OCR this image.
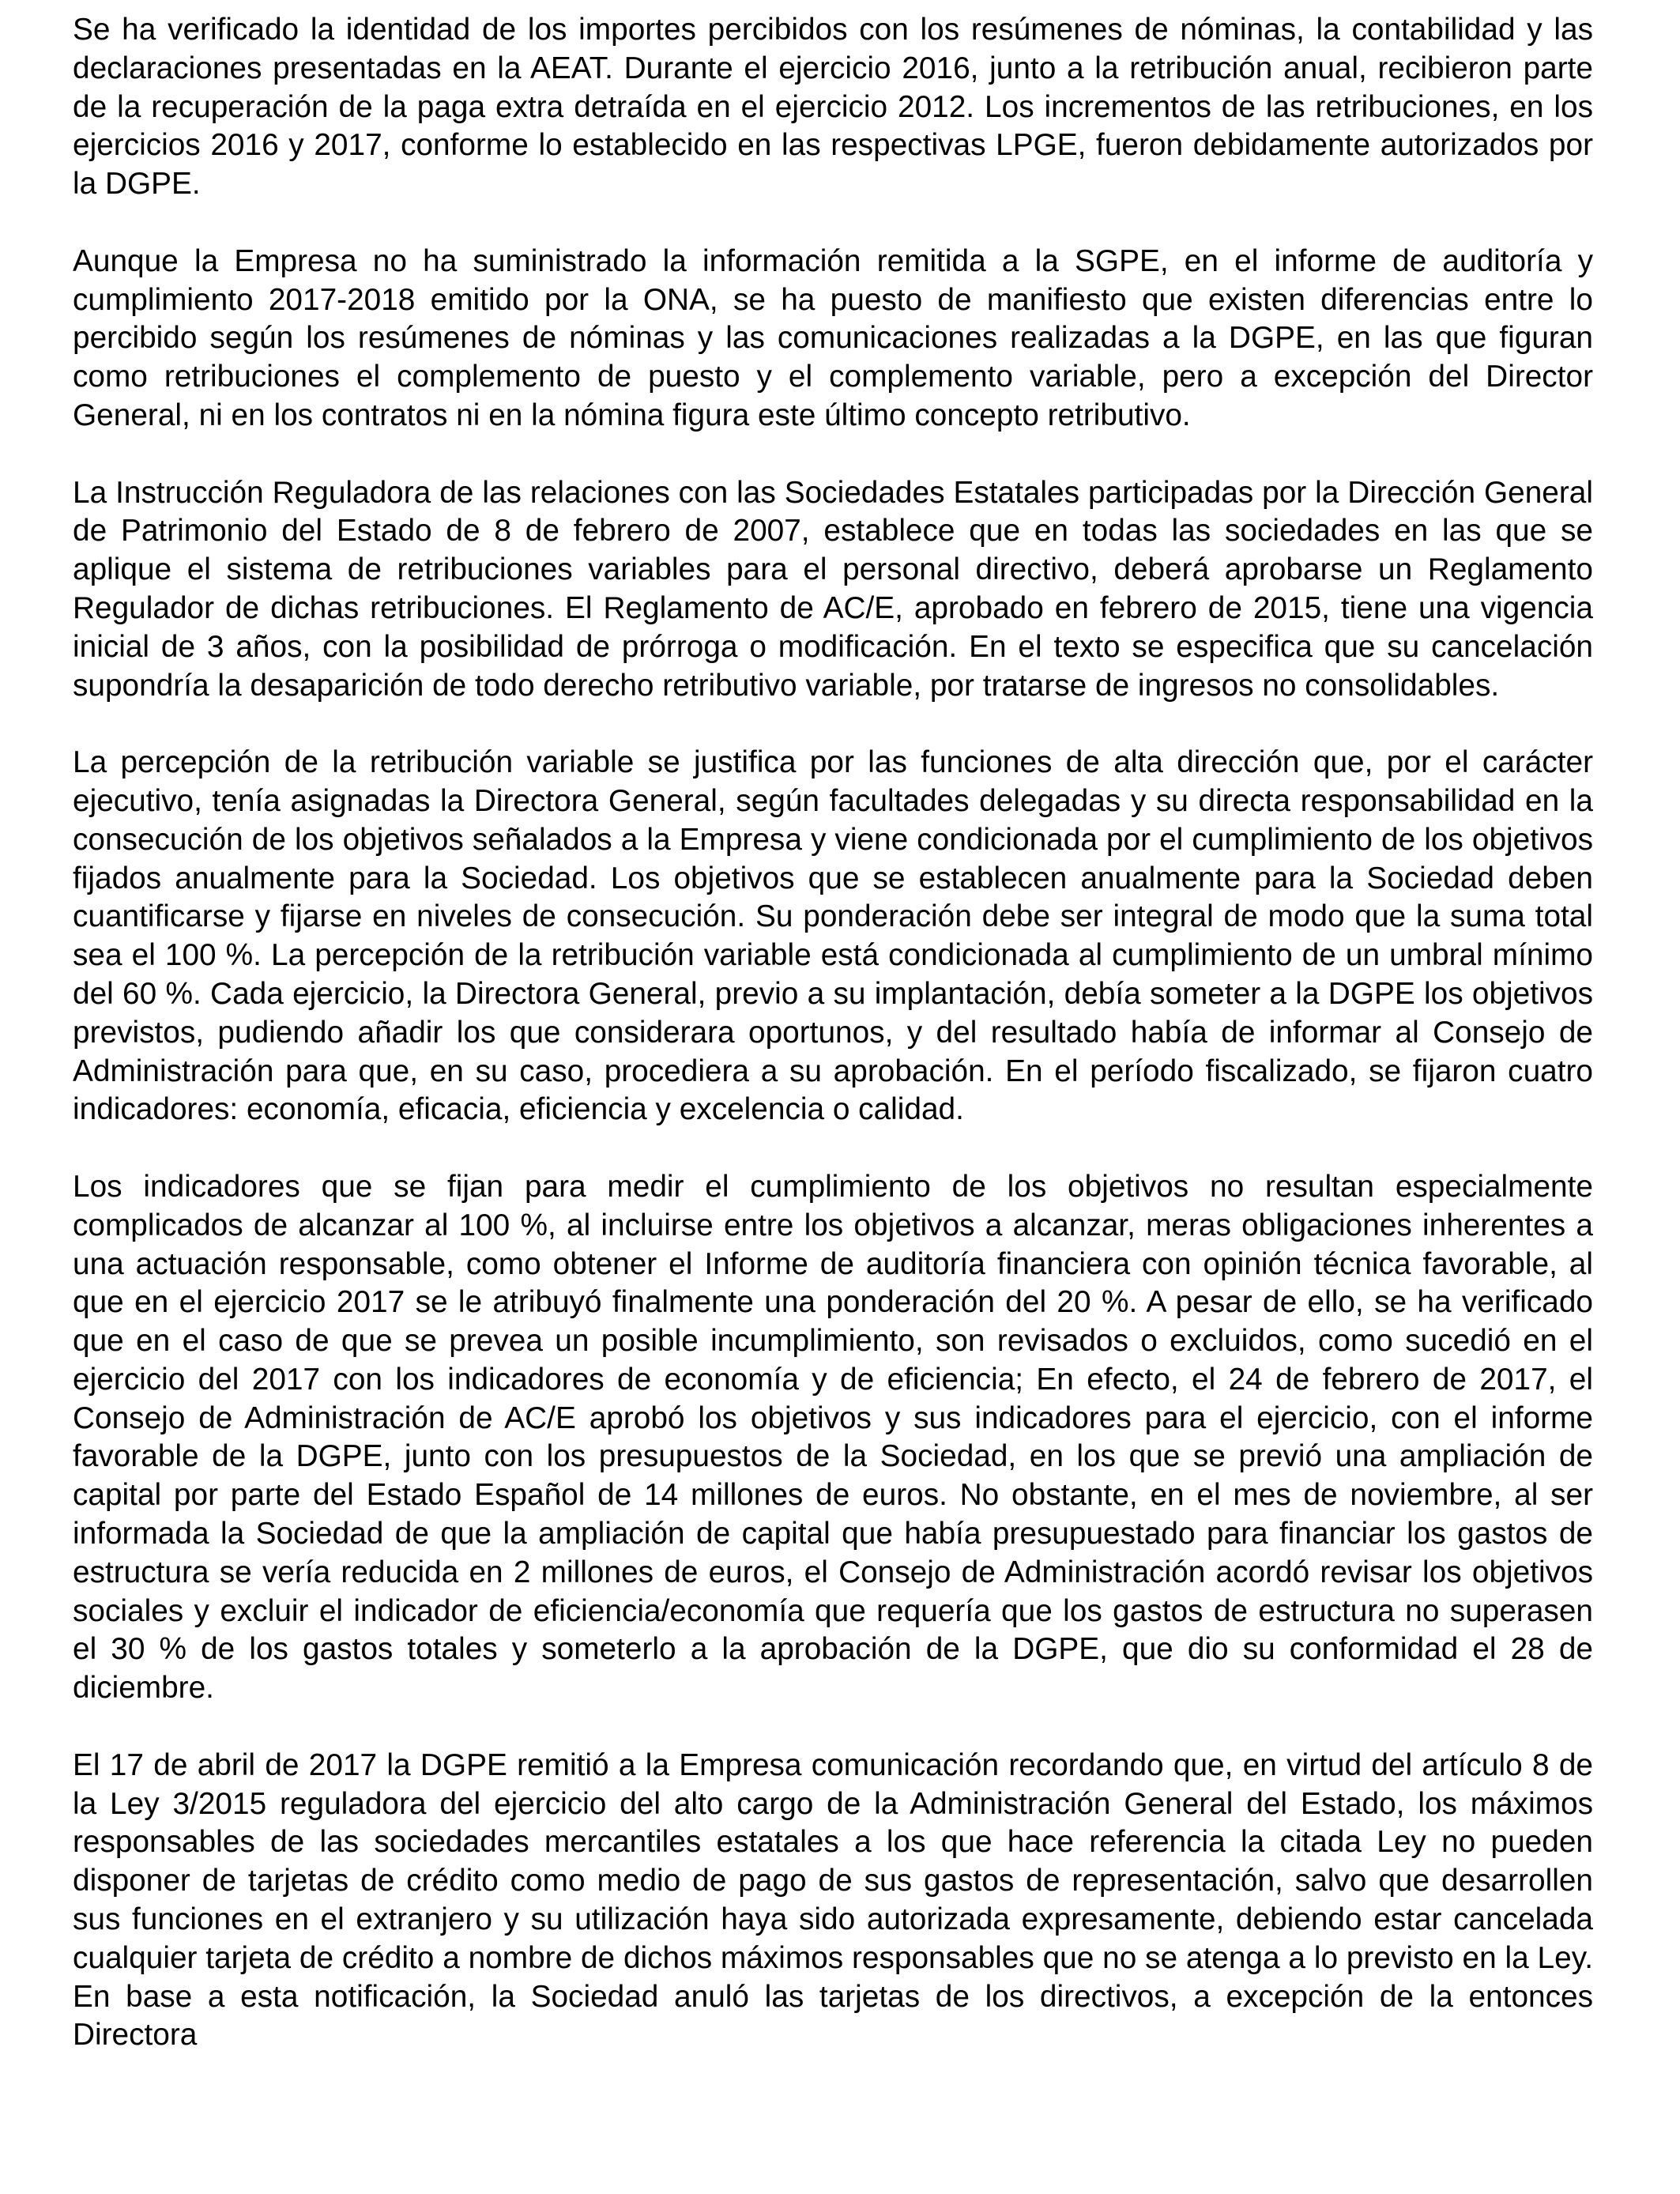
Se ha verificado la identidad de los importes percibidos con los resúmenes de nóminas, la contabilidad y las declaraciones presentadas en la AEAT. Durante el ejercicio 2016, junto a la retribución anual, recibieron parte de la recuperación de la paga extra detraída en el ejercicio 2012. Los incrementos de las retribuciones, en los ejercicios 2016 y 2017, conforme lo establecido en las respectivas LPGE, fueron debidamente autorizados por la DGPE.

Aunque la Empresa no ha suministrado la información remitida a la SGPE, en el informe de auditoría y cumplimiento 2017-2018 emitido por la ONA, se ha puesto de manifiesto que existen diferencias entre lo percibido según los resúmenes de nóminas y las comunicaciones realizadas a la DGPE, en las que figuran como retribuciones el complemento de puesto y el complemento variable, pero a excepción del Director General, ni en los contratos ni en la nómina figura este último concepto retributivo.

La Instrucción Reguladora de las relaciones con las Sociedades Estatales participadas por la Dirección General de Patrimonio del Estado de 8 de febrero de 2007, establece que en todas las sociedades en las que se aplique el sistema de retribuciones variables para el personal directivo, deberá aprobarse un Reglamento Regulador de dichas retribuciones. El Reglamento de AC/E, aprobado en febrero de 2015, tiene una vigencia inicial de 3 años, con la posibilidad de prórroga o modificación. En el texto se especifica que su cancelación supondría la desaparición de todo derecho retributivo variable, por tratarse de ingresos no consolidables.

La percepción de la retribución variable se justifica por las funciones de alta dirección que, por el carácter ejecutivo, tenía asignadas la Directora General, según facultades delegadas y su directa responsabilidad en la consecución de los objetivos señalados a la Empresa y viene condicionada por el cumplimiento de los objetivos fijados anualmente para la Sociedad. Los objetivos que se establecen anualmente para la Sociedad deben cuantificarse y fijarse en niveles de consecución. Su ponderación debe ser integral de modo que la suma total sea el 100 %. La percepción de la retribución variable está condicionada al cumplimiento de un umbral mínimo del 60 %. Cada ejercicio, la Directora General, previo a su implantación, debía someter a la DGPE los objetivos previstos, pudiendo añadir los que considerara oportunos, y del resultado había de informar al Consejo de Administración para que, en su caso, procediera a su aprobación. En el período fiscalizado, se fijaron cuatro indicadores: economía, eficacia, eficiencia y excelencia o calidad.

Los indicadores que se fijan para medir el cumplimiento de los objetivos no resultan especialmente complicados de alcanzar al 100 %, al incluirse entre los objetivos a alcanzar, meras obligaciones inherentes a una actuación responsable, como obtener el Informe de auditoría financiera con opinión técnica favorable, al que en el ejercicio 2017 se le atribuyó finalmente una ponderación del 20 %. A pesar de ello, se ha verificado que en el caso de que se prevea un posible incumplimiento, son revisados o excluidos, como sucedió en el ejercicio del 2017 con los indicadores de economía y de eficiencia; En efecto, el 24 de febrero de 2017, el Consejo de Administración de AC/E aprobó los objetivos y sus indicadores para el ejercicio, con el informe favorable de la DGPE, junto con los presupuestos de la Sociedad, en los que se previó una ampliación de capital por parte del Estado Español de 14 millones de euros. No obstante, en el mes de noviembre, al ser informada la Sociedad de que la ampliación de capital que había presupuestado para financiar los gastos de estructura se vería reducida en 2 millones de euros, el Consejo de Administración acordó revisar los objetivos sociales y excluir el indicador de eficiencia/economía que requería que los gastos de estructura no superasen el 30 % de los gastos totales y someterlo a la aprobación de la DGPE, que dio su conformidad el 28 de diciembre.

El 17 de abril de 2017 la DGPE remitió a la Empresa comunicación recordando que, en virtud del artículo 8 de la Ley 3/2015 reguladora del ejercicio del alto cargo de la Administración General del Estado, los máximos responsables de las sociedades mercantiles estatales a los que hace referencia la citada Ley no pueden disponer de tarjetas de crédito como medio de pago de sus gastos de representación, salvo que desarrollen sus funciones en el extranjero y su utilización haya sido autorizada expresamente, debiendo estar cancelada cualquier tarjeta de crédito a nombre de dichos máximos responsables que no se atenga a lo previsto en la Ley. En base a esta notificación, la Sociedad anuló las tarjetas de los directivos, a excepción de la entonces Directora
